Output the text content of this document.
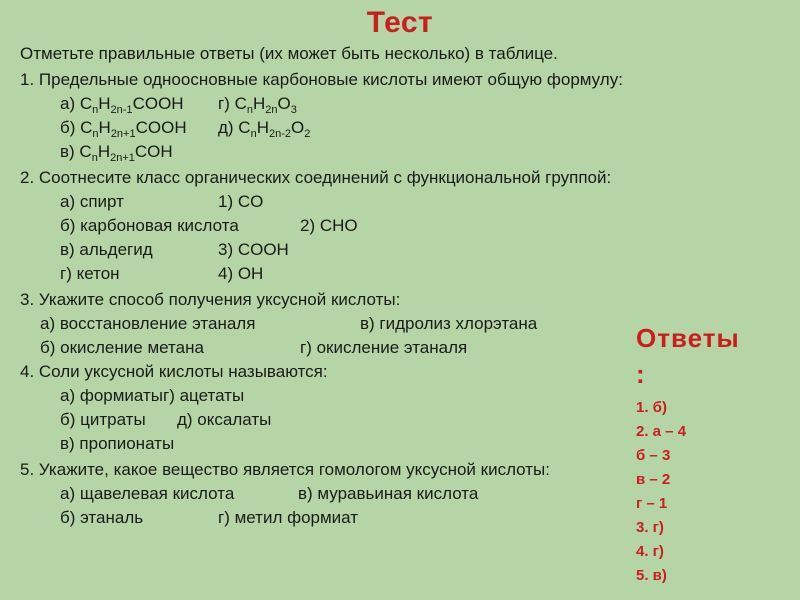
Тест
Отметьте правильные ответы (их может быть несколько) в таблице.
1. Предельные одноосновные карбоновые кислоты имеют общую формулу:
а) $C_nH_{2n-1}COOH$ г) $C_nH_{2n}O_3$
б) $C_nH_{2n+1}COOH$ д) $C_nH_{2n-2}O_2$
в) $C_nH_{2n+1}COH$
2. Соотнесите класс органических соединений с функциональной группой:
а) спирт	1) CO
б) карбоновая кислота	2) CHO
в) альдегид	3) COOH
г) кетон	4) OH
3. Укажите способ получения уксусной кислоты:
а) восстановление этаналя	в) гидролиз хлорэтана
б) окисление метана	г) окисление этаналя
4. Соли уксусной кислоты называются:
а) формиатыг) ацетаты
б) цитраты д) оксалаты
в) пропионаты
5. Укажите, какое вещество является гомологом уксусной кислоты:
а) щавелевая кислота	в) муравьиная кислота
б) этаналь	г) метил формиат
Ответы:
1. б)
2. а – 4
б – 3
в – 2
г – 1
3. г)
4. г)
5. в)
